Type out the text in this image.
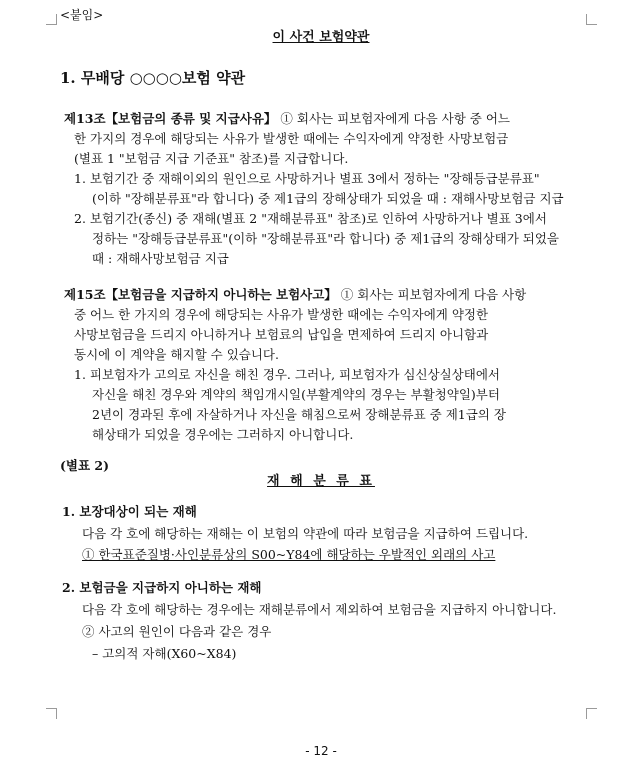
<붙임>
이 사건 보험약관
1. 무배당 ○○○○보험 약관
제13조【보험금의 종류 및 지급사유】 ① 회사는 피보험자에게 다음 사항 중 어느
한 가지의 경우에 해당되는 사유가 발생한 때에는 수익자에게 약정한 사망보험금
(별표 1 "보험금 지급 기준표" 참조)를 지급합니다.
1. 보험기간 중 재해이외의 원인으로 사망하거나 별표 3에서 정하는 "장해등급분류표"
(이하 "장해분류표"라 합니다) 중 제1급의 장해상태가 되었을 때 : 재해사망보험금 지급
2. 보험기간(종신) 중 재해(별표 2 "재해분류표" 참조)로 인하여 사망하거나 별표 3에서
정하는 "장해등급분류표"(이하 "장해분류표"라 합니다) 중 제1급의 장해상태가 되었을
때 : 재해사망보험금 지급
제15조【보험금을 지급하지 아니하는 보험사고】 ① 회사는 피보험자에게 다음 사항
중 어느 한 가지의 경우에 해당되는 사유가 발생한 때에는 수익자에게 약정한
사망보험금을 드리지 아니하거나 보험료의 납입을 면제하여 드리지 아니함과
동시에 이 계약을 해지할 수 있습니다.
1. 피보험자가 고의로 자신을 해친 경우. 그러나, 피보험자가 심신상실상태에서
자신을 해친 경우와 계약의 책임개시일(부활계약의 경우는 부활청약일)부터
2년이 경과된 후에 자살하거나 자신을 해침으로써 장해분류표 중 제1급의 장
해상태가 되었을 경우에는 그러하지 아니합니다.
(별표 2)
재 해 분 류 표
1. 보장대상이 되는 재해
다음 각 호에 해당하는 재해는 이 보험의 약관에 따라 보험금을 지급하여 드립니다.
① 한국표준질병·사인분류상의 S00~Y84에 해당하는 우발적인 외래의 사고
2. 보험금을 지급하지 아니하는 재해
다음 각 호에 해당하는 경우에는 재해분류에서 제외하여 보험금을 지급하지 아니합니다.
② 사고의 원인이 다음과 같은 경우
– 고의적 자해(X60~X84)
- 12 -
